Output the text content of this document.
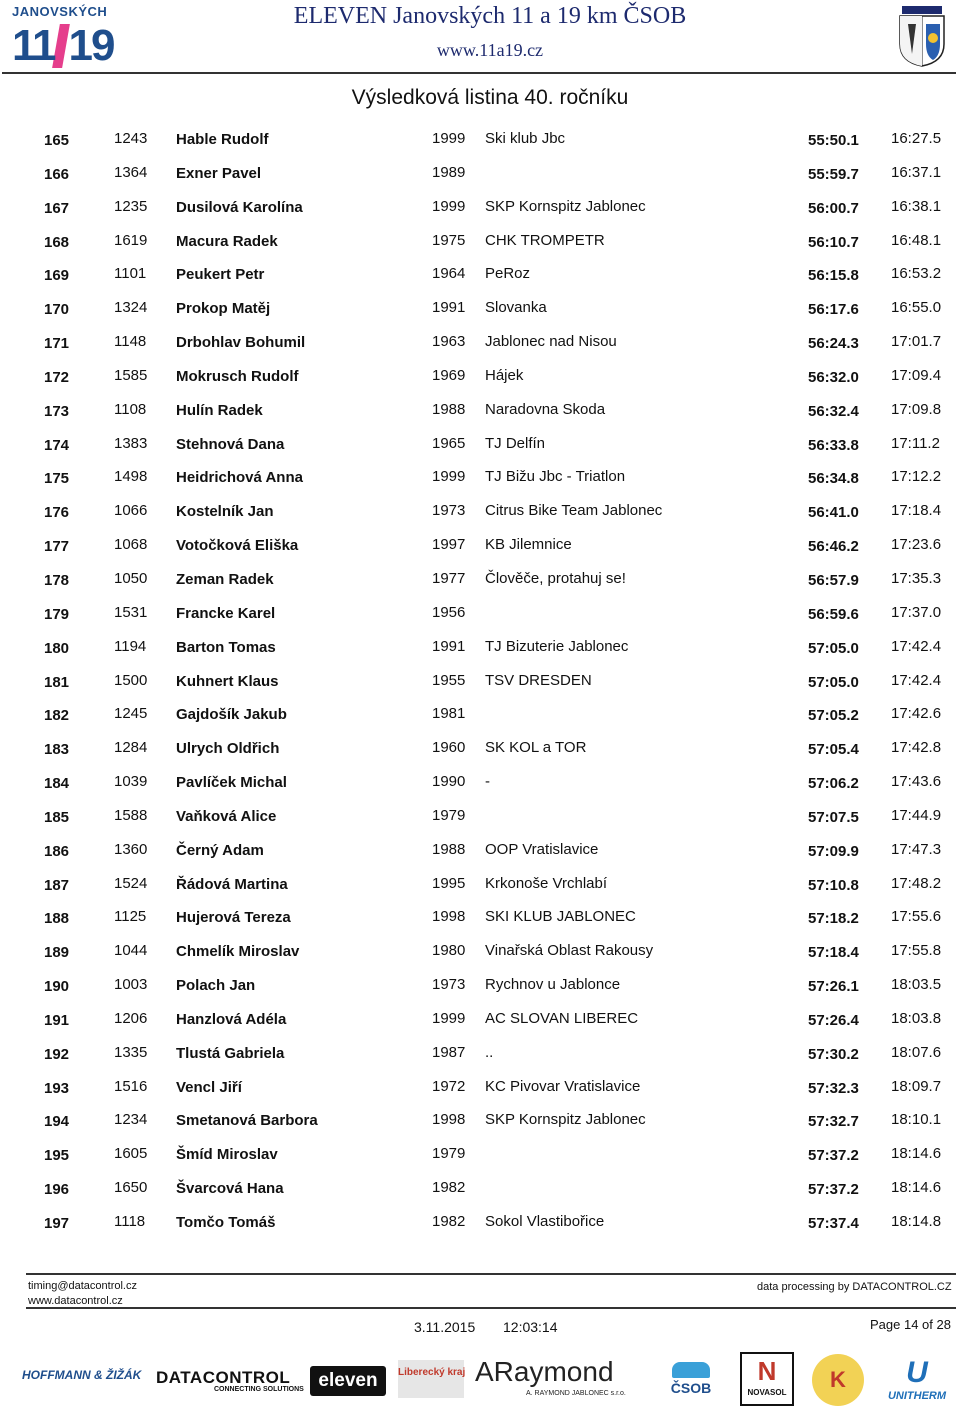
JANOVSKÝCH
11 19
ELEVEN Janovských 11 a 19 km ČSOB
www.11a19.cz
Výsledková listina 40. ročníku
165	1243 Hable Rudolf	1999 Ski klub Jbc	55:50.1 16:27.5
166	1364 Exner Pavel	1989	55:59.7 16:37.1
167	1235 Dusilová Karolína	1999 SKP Kornspitz Jablonec	56:00.7 16:38.1
168	1619 Macura Radek	1975 CHK TROMPETR	56:10.7 16:48.1
169	1101 Peukert Petr	1964 PeRoz	56:15.8 16:53.2
170	1324 Prokop Matěj	1991 Slovanka	56:17.6 16:55.0
171	1148 Drbohlav Bohumil	1963 Jablonec nad Nisou	56:24.3 17:01.7
172	1585 Mokrusch Rudolf	1969 Hájek	56:32.0 17:09.4
173	1108 Hulín Radek	1988 Naradovna Skoda	56:32.4 17:09.8
174	1383 Stehnová Dana	1965 TJ Delfín	56:33.8 17:11.2
175	1498 Heidrichová Anna	1999 TJ Bižu Jbc - Triatlon	56:34.8 17:12.2
176	1066 Kostelník Jan	1973 Citrus Bike Team Jablonec	56:41.0 17:18.4
177	1068 Votočková Eliška	1997 KB Jilemnice	56:46.2 17:23.6
178	1050 Zeman Radek	1977 Člověče, protahuj se!	56:57.9 17:35.3
179	1531 Francke Karel	1956	56:59.6 17:37.0
180	1194 Barton Tomas	1991 TJ Bizuterie Jablonec	57:05.0 17:42.4
181	1500 Kuhnert Klaus	1955 TSV DRESDEN	57:05.0 17:42.4
182	1245 Gajdošík Jakub	1981	57:05.2 17:42.6
183	1284 Ulrych Oldřich	1960 SK KOL a TOR	57:05.4 17:42.8
184	1039 Pavlíček Michal	1990 -	57:06.2 17:43.6
185	1588 Vaňková Alice	1979	57:07.5 17:44.9
186	1360 Černý Adam	1988 OOP Vratislavice	57:09.9 17:47.3
187	1524 Řádová Martina	1995 Krkonoše Vrchlabí	57:10.8 17:48.2
188	1125 Hujerová Tereza	1998 SKI KLUB JABLONEC	57:18.2 17:55.6
189	1044 Chmelík Miroslav	1980 Vinařská Oblast Rakousy	57:18.4 17:55.8
190	1003 Polach Jan	1973 Rychnov u Jablonce	57:26.1 18:03.5
191	1206 Hanzlová Adéla	1999 AC SLOVAN LIBEREC	57:26.4 18:03.8
192	1335 Tlustá Gabriela	1987 ..	57:30.2 18:07.6
193	1516 Vencl Jiří	1972 KC Pivovar Vratislavice	57:32.3 18:09.7
194	1234 Smetanová Barbora	1998 SKP Kornspitz Jablonec	57:32.7 18:10.1
195	1605 Šmíd Miroslav	1979	57:37.2 18:14.6
196	1650 Švarcová Hana	1982	57:37.2 18:14.6
197	1118 Tomčo Tomáš	1982 Sokol Vlastibořice	57:37.4 18:14.8
timing@datacontrol.cz
www.datacontrol.cz
data processing by DATACONTROL.CZ
3.11.2015 12:03:14	Page 14 of 28
HOFFMANN & ŽIŽÁK DATACONTROL
CONNECTING SOLUTIONS eleven	Liberecký kraj ARaymond
A. RAYMOND JABLONEC s.r.o.	ČSOB
N
NOVASOL
K	U
UNITHERM
